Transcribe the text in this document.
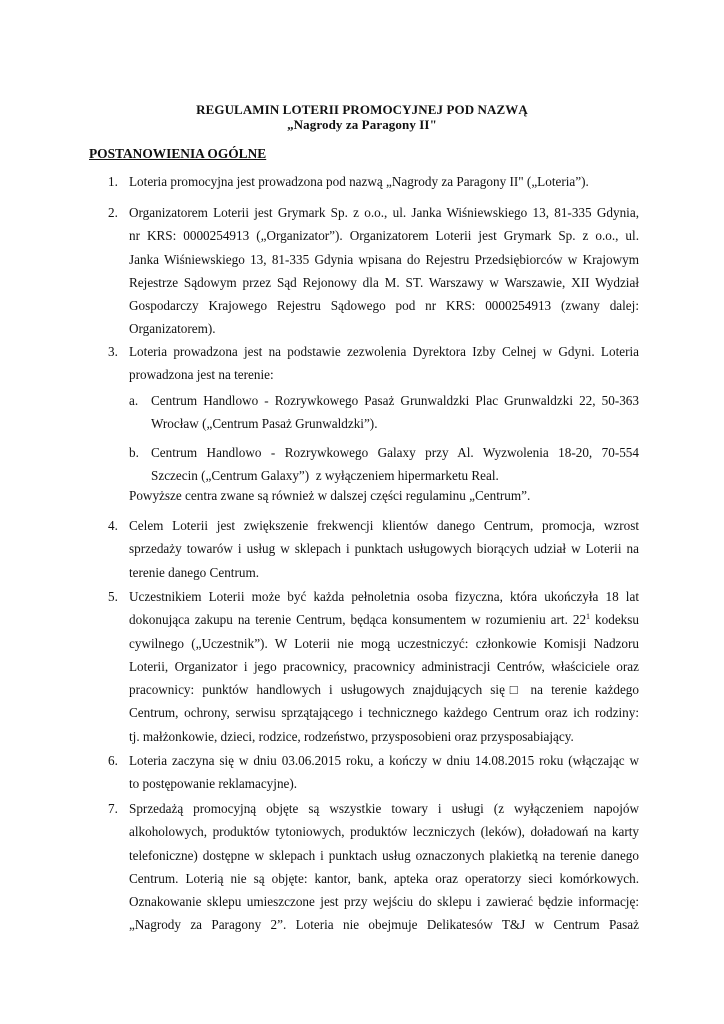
REGULAMIN LOTERII PROMOCYJNEJ POD NAZWĄ
„Nagrody za Paragony II"
POSTANOWIENIA OGÓLNE
1. Loteria promocyjna jest prowadzona pod nazwą „Nagrody za Paragony II" („Loteria”).
2. Organizatorem Loterii jest Grymark Sp. z o.o., ul. Janka Wiśniewskiego 13, 81-335 Gdynia,
nr KRS: 0000254913 („Organizator”). Organizatorem Loterii jest Grymark Sp. z o.o., ul.
Janka Wiśniewskiego 13, 81-335 Gdynia wpisana do Rejestru Przedsiębiorców w Krajowym
Rejestrze Sądowym przez Sąd Rejonowy dla M. ST. Warszawy w Warszawie, XII Wydział
Gospodarczy Krajowego Rejestru Sądowego pod nr KRS: 0000254913 (zwany dalej:
Organizatorem).
3. Loteria prowadzona jest na podstawie zezwolenia Dyrektora Izby Celnej w Gdyni. Loteria
prowadzona jest na terenie:
a. Centrum Handlowo - Rozrywkowego Pasaż Grunwaldzki Plac Grunwaldzki 22, 50-363
Wrocław („Centrum Pasaż Grunwaldzki”).
b. Centrum Handlowo - Rozrywkowego Galaxy przy Al. Wyzwolenia 18-20, 70-554
Szczecin („Centrum Galaxy”)  z wyłączeniem hipermarketu Real.
Powyższe centra zwane są również w dalszej części regulaminu „Centrum”.
4. Celem Loterii jest zwiększenie frekwencji klientów danego Centrum, promocja, wzrost
sprzedaży towarów i usług w sklepach i punktach usługowych biorących udział w Loterii na
terenie danego Centrum.
5. Uczestnikiem Loterii może być każda pełnoletnia osoba fizyczna, która ukończyła 18 lat
dokonująca zakupu na terenie Centrum, będąca konsumentem w rozumieniu art. $22^1$ kodeksu
cywilnego („Uczestnik”). W Loterii nie mogą uczestniczyć: członkowie Komisji Nadzoru
Loterii, Organizator i jego pracownicy, pracownicy administracji Centrów, właściciele oraz
pracownicy: punktów handlowych i usługowych znajdujących się□ na terenie każdego
Centrum, ochrony, serwisu sprzątającego i technicznego każdego Centrum oraz ich rodziny:
tj. małżonkowie, dzieci, rodzice, rodzeństwo, przysposobieni oraz przysposabiający.
6. Loteria zaczyna się w dniu 03.06.2015 roku, a kończy w dniu 14.08.2015 roku (włączając w
to postępowanie reklamacyjne).
7. Sprzedażą promocyjną objęte są wszystkie towary i usługi (z wyłączeniem napojów
alkoholowych, produktów tytoniowych, produktów leczniczych (leków), doładowań na karty
telefoniczne) dostępne w sklepach i punktach usług oznaczonych plakietką na terenie danego
Centrum. Loterią nie są objęte: kantor, bank, apteka oraz operatorzy sieci komórkowych.
Oznakowanie sklepu umieszczone jest przy wejściu do sklepu i zawierać będzie informację:
„Nagrody za Paragony 2”. Loteria nie obejmuje Delikatesów T&J w Centrum Pasaż
